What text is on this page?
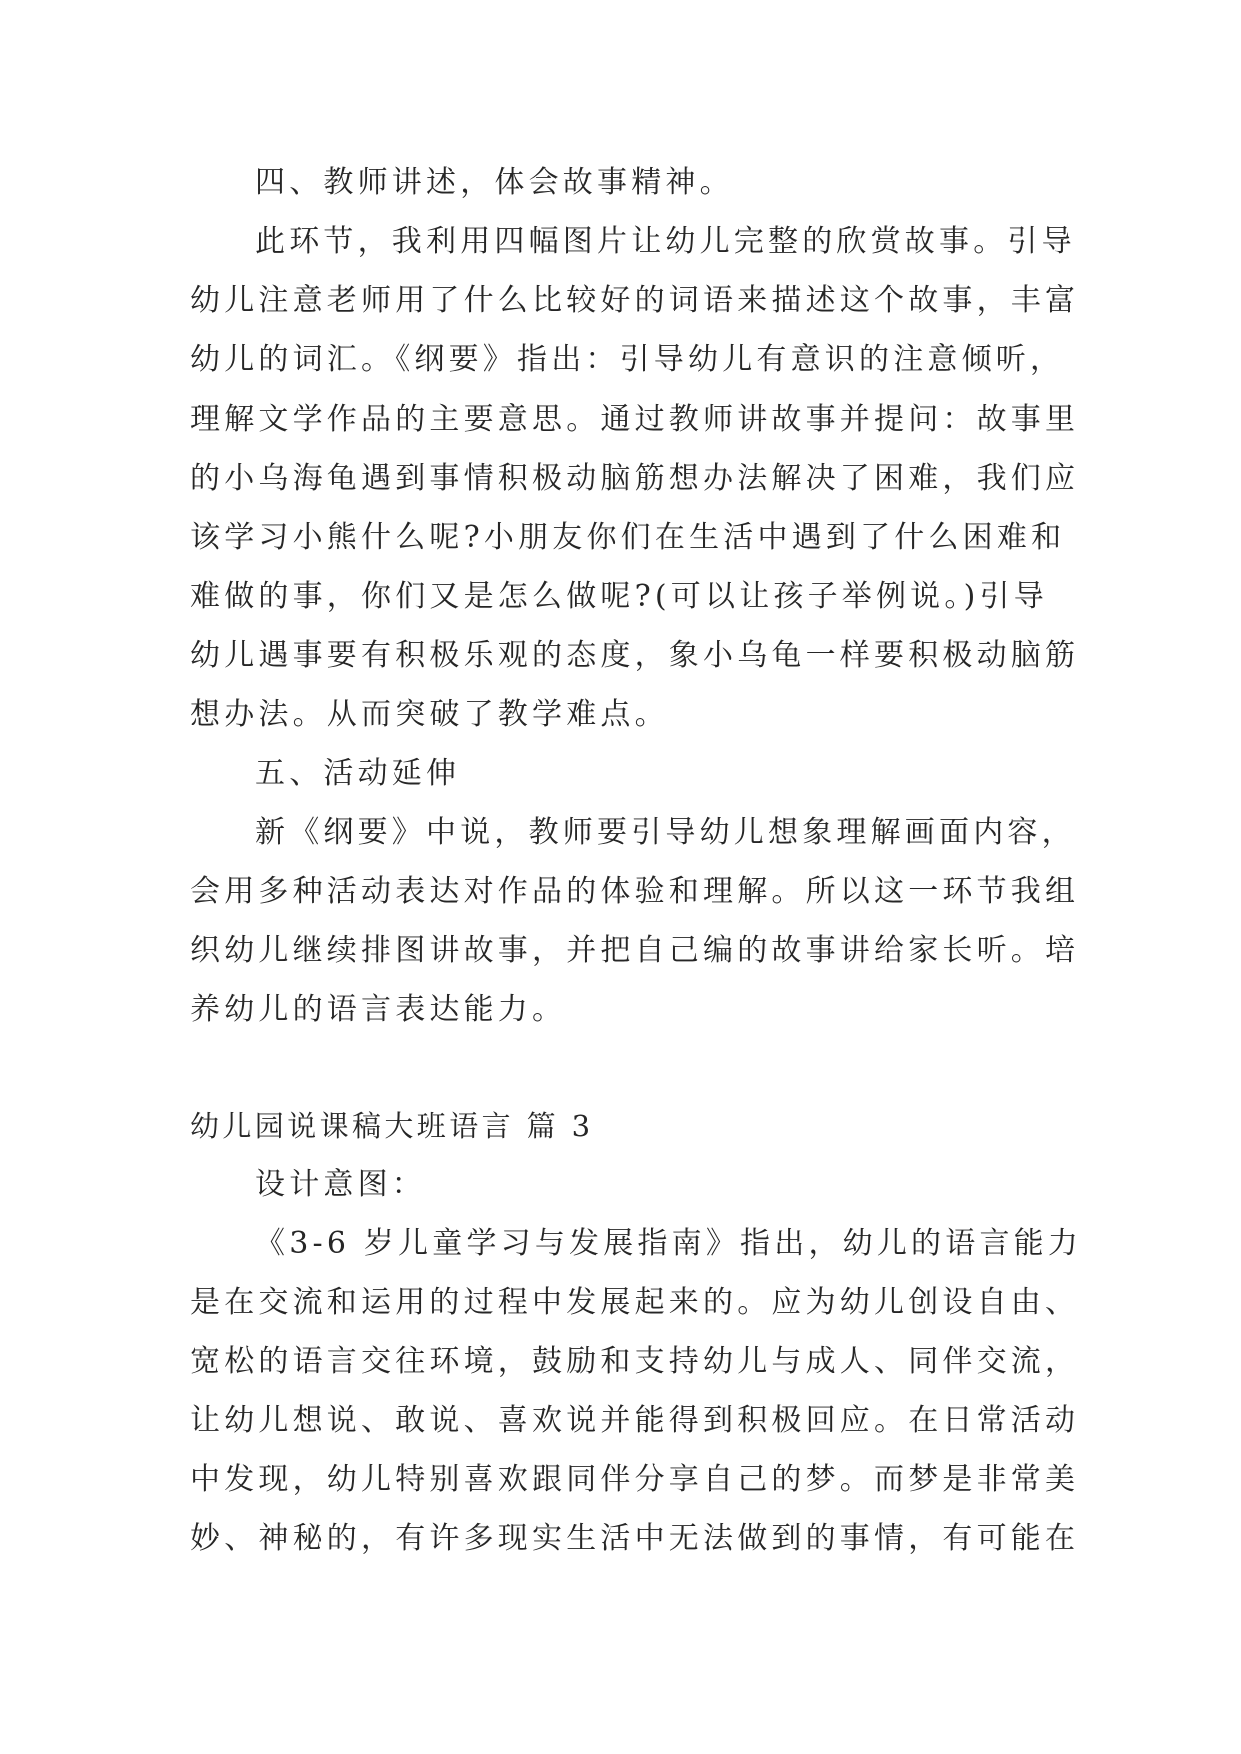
四、教师讲述，体会故事精神。
此环节，我利用四幅图片让幼儿完整的欣赏故事。引导
幼儿注意老师用了什么比较好的词语来描述这个故事，丰富
幼儿的词汇。《纲要》指出：引导幼儿有意识的注意倾听，
理解文学作品的主要意思。通过教师讲故事并提问：故事里
的小乌海龟遇到事情积极动脑筋想办法解决了困难，我们应
该学习小熊什么呢?小朋友你们在生活中遇到了什么困难和
难做的事，你们又是怎么做呢?(可以让孩子举例说。)引导
幼儿遇事要有积极乐观的态度，象小乌龟一样要积极动脑筋
想办法。从而突破了教学难点。
五、活动延伸
新《纲要》中说，教师要引导幼儿想象理解画面内容，
会用多种活动表达对作品的体验和理解。所以这一环节我组
织幼儿继续排图讲故事，并把自己编的故事讲给家长听。培
养幼儿的语言表达能力。
幼儿园说课稿大班语言 篇 3
设计意图：
《3-6 岁儿童学习与发展指南》指出，幼儿的语言能力
是在交流和运用的过程中发展起来的。应为幼儿创设自由、
宽松的语言交往环境，鼓励和支持幼儿与成人、同伴交流，
让幼儿想说、敢说、喜欢说并能得到积极回应。在日常活动
中发现，幼儿特别喜欢跟同伴分享自己的梦。而梦是非常美
妙、神秘的，有许多现实生活中无法做到的事情，有可能在
